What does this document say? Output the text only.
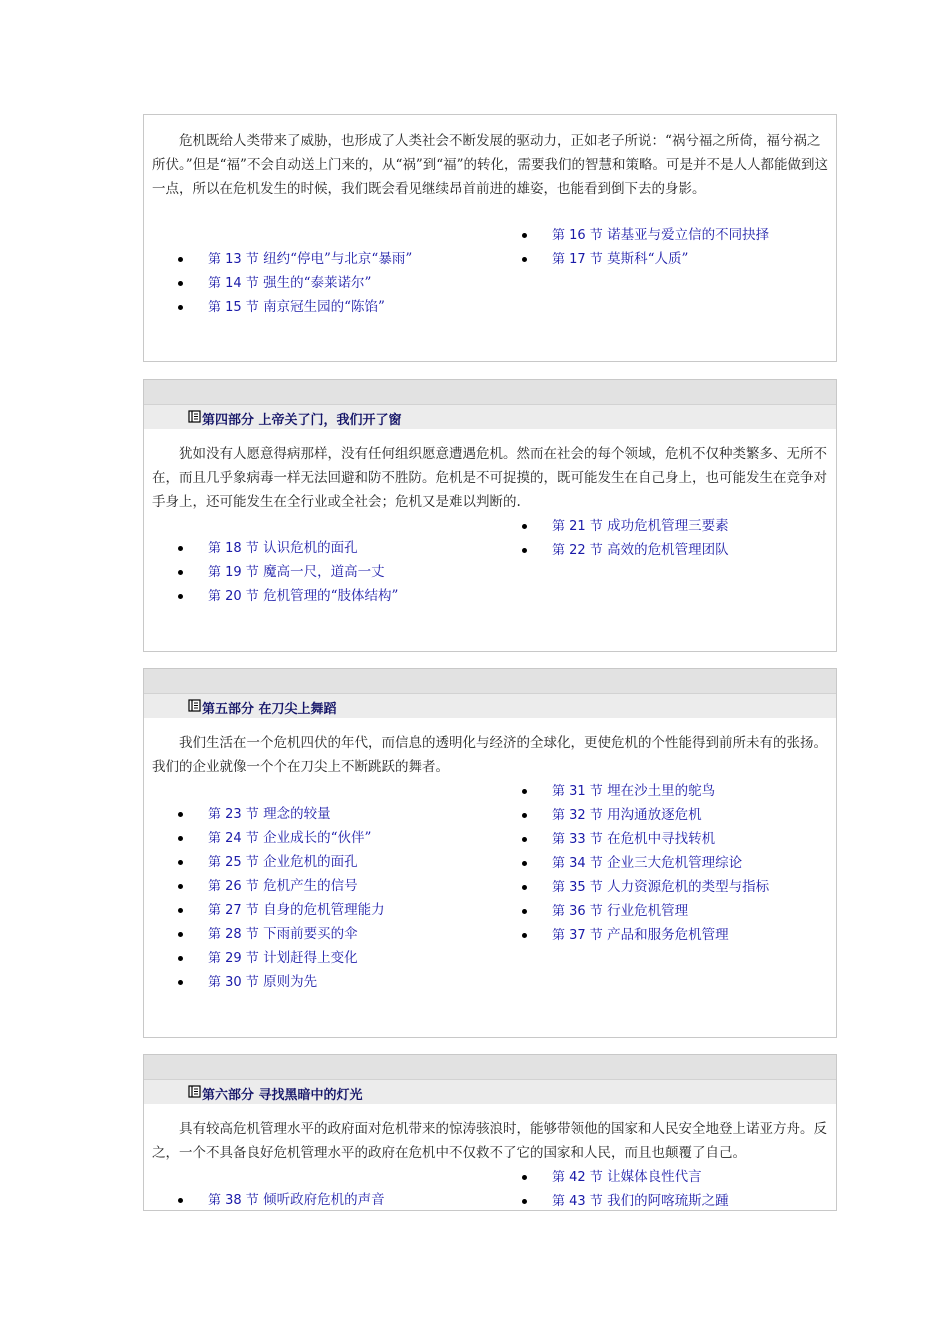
危机既给人类带来了威胁，也形成了人类社会不断发展的驱动力，正如老子所说：“祸兮福之所倚，福兮祸之所伏。”但是“福”不会自动送上门来的，从“祸”到“福”的转化，需要我们的智慧和策略。可是并不是人人都能做到这一点，所以在危机发生的时候，我们既会看见继续昂首前进的雄姿，也能看到倒下去的身影。

第 13 节 纽约“停电”与北京“暴雨”
第 14 节 强生的“泰莱诺尔”
第 15 节 南京冠生园的“陈馅”
第 16 节 诺基亚与爱立信的不同抉择
第 17 节 莫斯科“人质”
第四部分 上帝关了门，我们开了窗

犹如没有人愿意得病那样，没有任何组织愿意遭遇危机。然而在社会的每个领域，危机不仅种类繁多、无所不在，而且几乎象病毒一样无法回避和防不胜防。危机是不可捉摸的，既可能发生在自己身上，也可能发生在竞争对手身上，还可能发生在全行业或全社会；危机又是难以判断的.

第 18 节 认识危机的面孔
第 19 节 魔高一尺，道高一丈
第 20 节 危机管理的“肢体结构”
第 21 节 成功危机管理三要素
第 22 节 高效的危机管理团队
第五部分 在刀尖上舞蹈

我们生活在一个危机四伏的年代，而信息的透明化与经济的全球化，更使危机的个性能得到前所未有的张扬。我们的企业就像一个个在刀尖上不断跳跃的舞者。

第 23 节 理念的较量
第 24 节 企业成长的“伙伴”
第 25 节 企业危机的面孔
第 26 节 危机产生的信号
第 27 节 自身的危机管理能力
第 28 节 下雨前要买的伞
第 29 节 计划赶得上变化
第 30 节 原则为先
第 31 节 埋在沙土里的鸵鸟
第 32 节 用沟通放逐危机
第 33 节 在危机中寻找转机
第 34 节 企业三大危机管理综论
第 35 节 人力资源危机的类型与指标
第 36 节 行业危机管理
第 37 节 产品和服务危机管理
第六部分 寻找黑暗中的灯光

具有较高危机管理水平的政府面对危机带来的惊涛骇浪时，能够带领他的国家和人民安全地登上诺亚方舟。反之，一个不具备良好危机管理水平的政府在危机中不仅救不了它的国家和人民，而且也颠覆了自己。

第 38 节 倾听政府危机的声音
第 42 节 让媒体良性代言
第 43 节 我们的阿喀琉斯之踵
